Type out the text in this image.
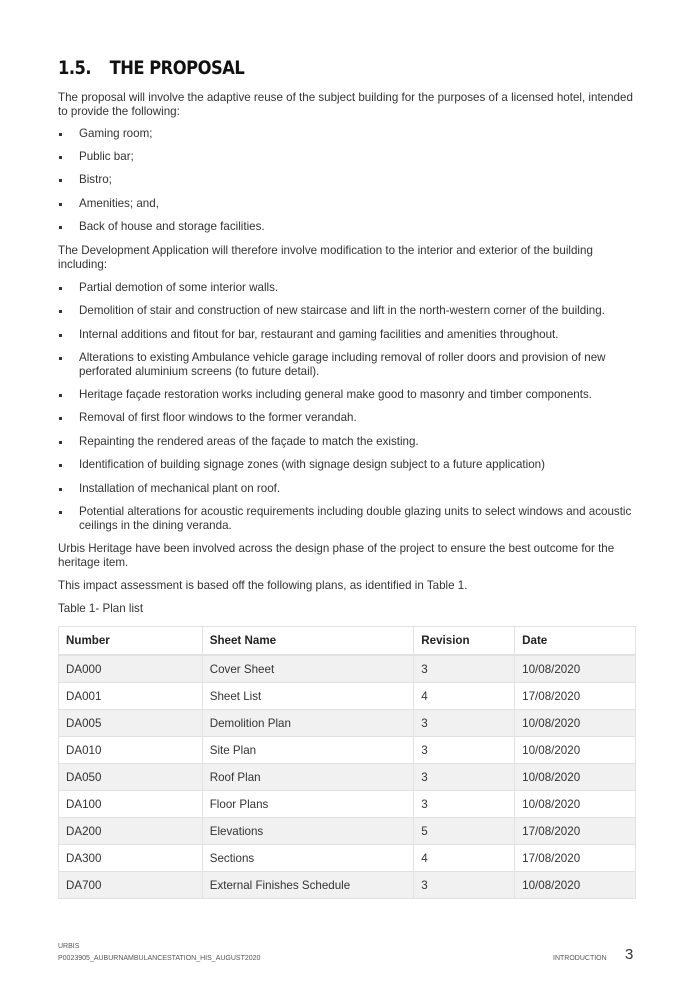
1.5. THE PROPOSAL

The proposal will involve the adaptive reuse of the subject building for the purposes of a licensed hotel, intended to provide the following:

Gaming room;
Public bar;
Bistro;
Amenities; and,
Back of house and storage facilities.

The Development Application will therefore involve modification to the interior and exterior of the building including:

Partial demotion of some interior walls.
Demolition of stair and construction of new staircase and lift in the north-western corner of the building.
Internal additions and fitout for bar, restaurant and gaming facilities and amenities throughout.
Alterations to existing Ambulance vehicle garage including removal of roller doors and provision of new perforated aluminium screens (to future detail).
Heritage façade restoration works including general make good to masonry and timber components.
Removal of first floor windows to the former verandah.
Repainting the rendered areas of the façade to match the existing.
Identification of building signage zones (with signage design subject to a future application)
Installation of mechanical plant on roof.
Potential alterations for acoustic requirements including double glazing units to select windows and acoustic ceilings in the dining veranda.

Urbis Heritage have been involved across the design phase of the project to ensure the best outcome for the heritage item.

This impact assessment is based off the following plans, as identified in Table 1.

Table 1- Plan list

Number	Sheet Name	Revision	Date
DA000	Cover Sheet	3	10/08/2020
DA001	Sheet List	4	17/08/2020
DA005	Demolition Plan	3	10/08/2020
DA010	Site Plan	3	10/08/2020
DA050	Roof Plan	3	10/08/2020
DA100	Floor Plans	3	10/08/2020
DA200	Elevations	5	17/08/2020
DA300	Sections	4	17/08/2020
DA700	External Finishes Schedule	3	10/08/2020
URBIS
P0023905_AUBURNAMBULANCESTATION_HIS_AUGUST2020	INTRODUCTION 3
